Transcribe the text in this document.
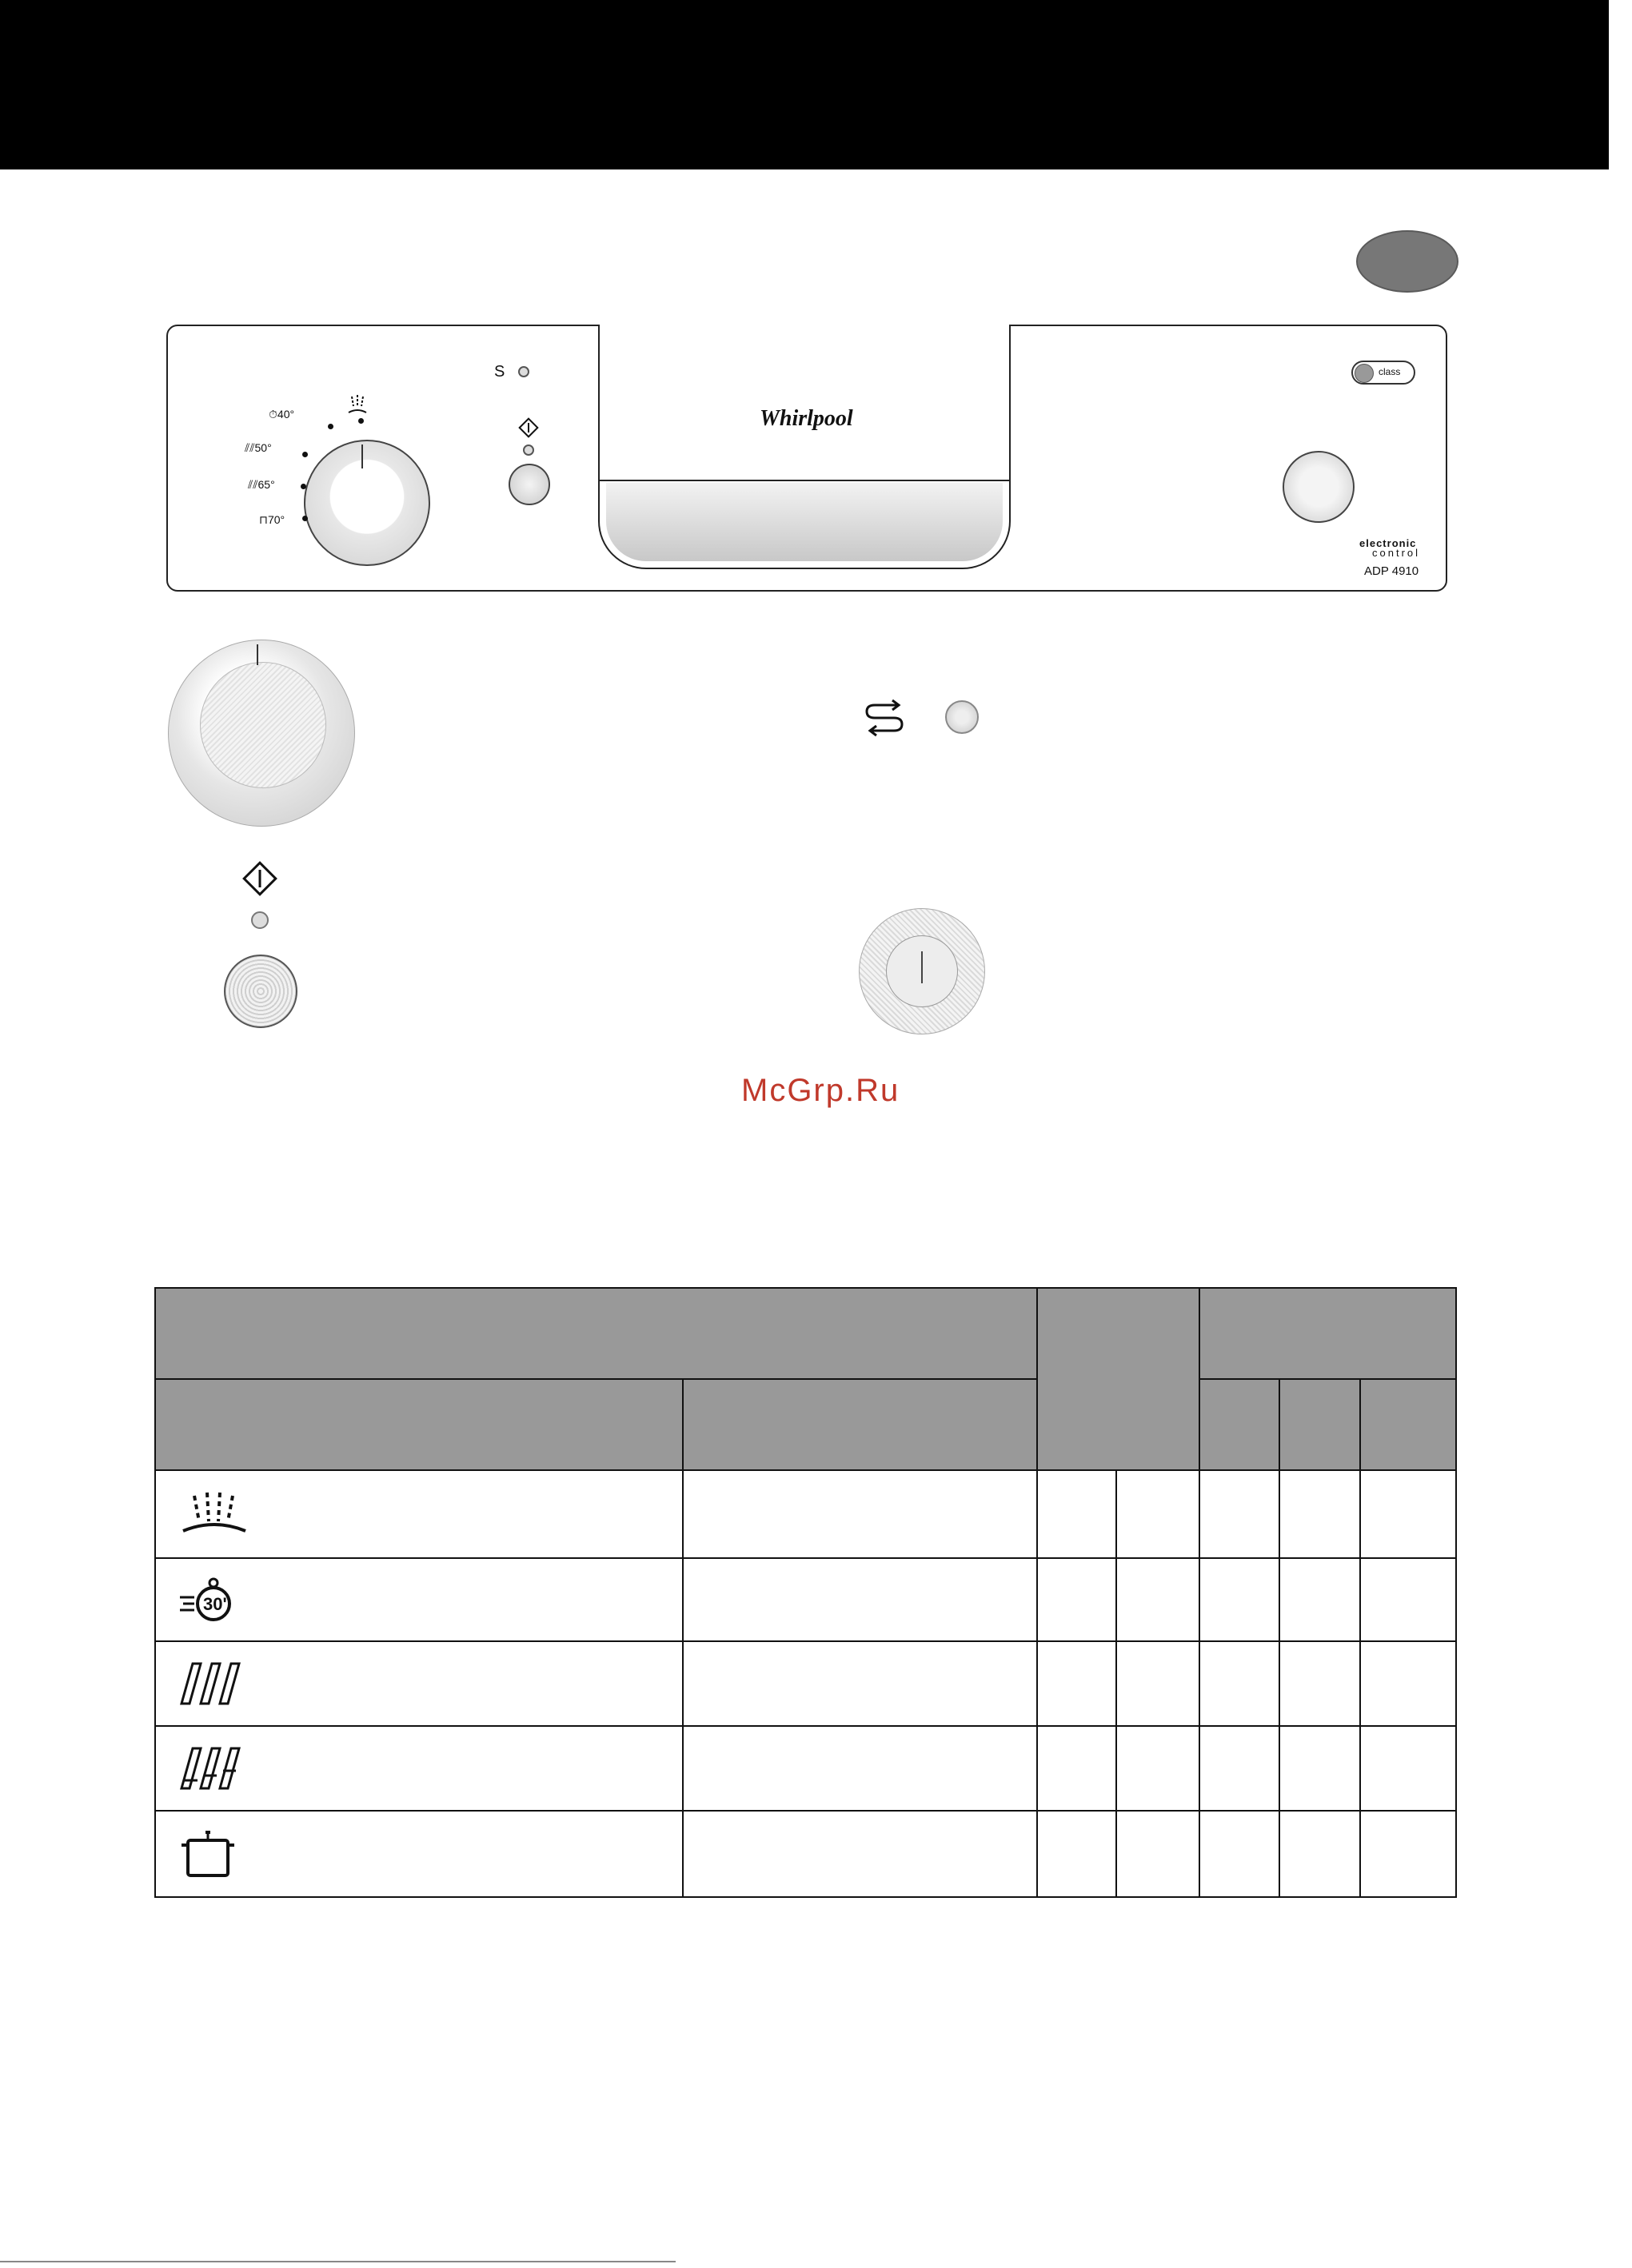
Whirlpool
class
electronic
control
ADP 4910
⏱40°
⫽⫽50°
⫽⫽65°
⊓70°
S
McGrp.Ru

30'						
